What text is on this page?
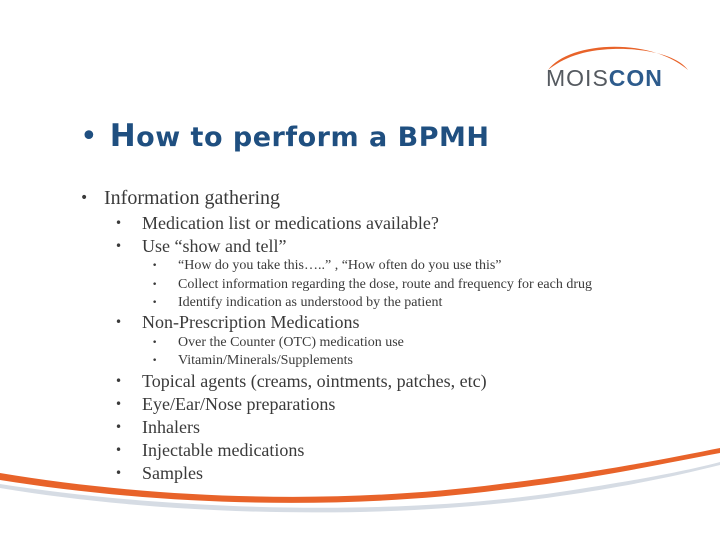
MOISCON
• How to perform a BPMH
• Information gathering
• Medication list or medications available?
• Use “show and tell”
• “How do you take this…..” , “How often do you use this”
• Collect information regarding the dose, route and frequency for each drug
• Identify indication as understood by the patient
• Non-Prescription Medications
• Over the Counter (OTC) medication use
• Vitamin/Minerals/Supplements
• Topical agents (creams, ointments, patches, etc)
• Eye/Ear/Nose preparations
• Inhalers
• Injectable medications
• Samples
